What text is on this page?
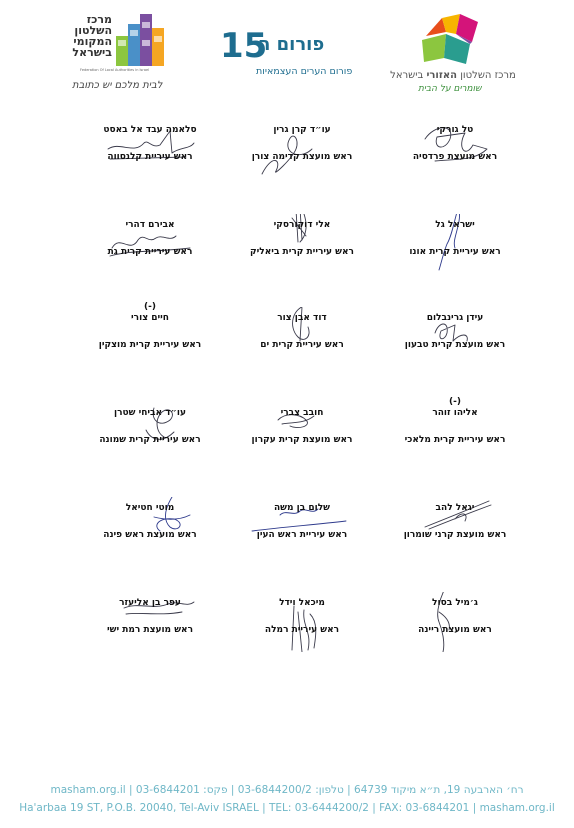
מרכז
השלטון
המקומי
בישראל
Federation Of Local Authorities in Israel
לבית מלכם יש כתובת
פורום ה
15
פורום הערים העצמאיות	מרכז השלטון האזורי בישראל
שומרים על הבית
טל גורקי
ראש מועצת פרדסיה
עו״ד קרן גרין
ראש מועצת קדימה צורן
סלאמה עבד אל באסט
ראש עיריית קלנסווה
ישראל גל
ראש עיריית קרית אונו
אלי דוקורסקי
ראש עיריית קרית ביאליק
אבירם דהרי
ראש עיריית קרית גת
עידן גרינבלום
ראש מועצת קרית טבעון
דוד אבן צור
ראש עיריית קרית ים
(-)
חיים צורי
ראש עיריית קרית מוצקין
(-)
אליהו זוהר
ראש עיריית קרית מלאכי
חובב צברי
ראש מועצת קרית עקרון
עו״ד אביחי שטרן
ראש עיריית קרית שמונה
יגאל להב
ראש מועצת קרני שומרון
שלום בן משה
ראש עיריית ראש העין
מוטי חטיאל
ראש מועצת ראש פינה
ג׳מיל בסול
ראש מועצת ריינה
מיכאל וידל
ראש עיריית רמלה
עפר בן אליעזר
ראש מועצת רמת ישי
רח׳ הארבעה 19, ת״א מיקוד 64739 | טלפון: 03-6844200/2 | פקס: 03-6844201 | masham.org.il
Ha'arbaa 19 ST, P.O.B. 20040, Tel-Aviv ISRAEL | TEL: 03-6444200/2 | FAX: 03-6844201 | masham.org.il
